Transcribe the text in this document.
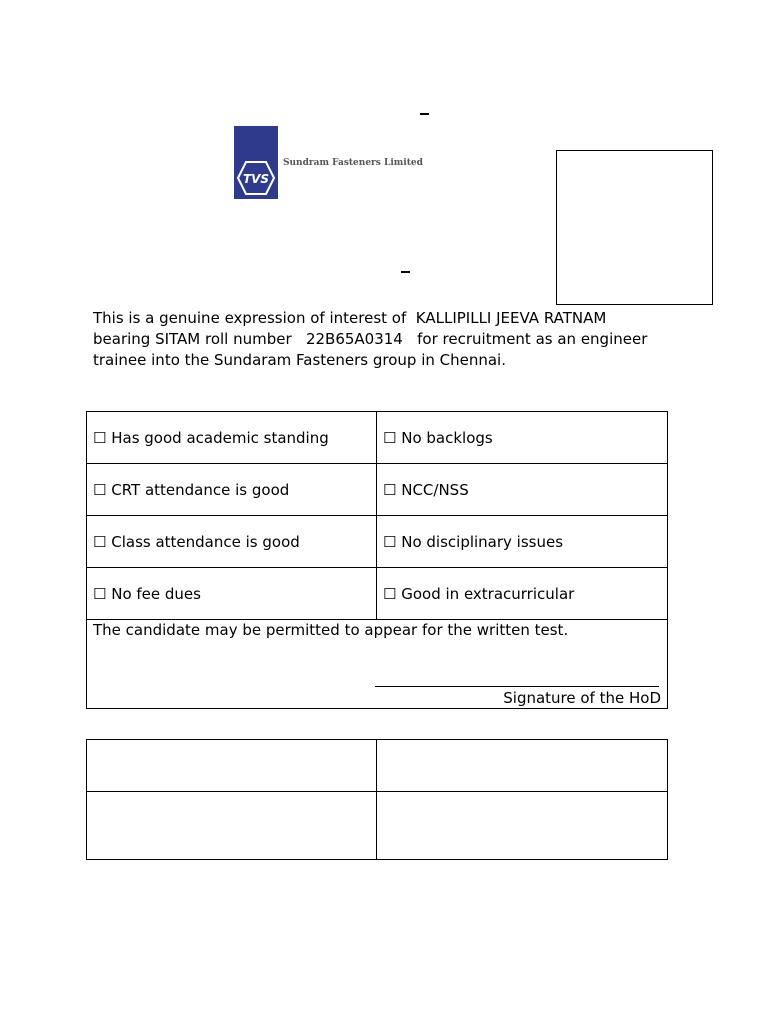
TVS
Sundram Fasteners Limited
This is a genuine expression of interest of  KALLIPILLI JEEVA RATNAM
bearing SITAM roll number   22B65A0314   for recruitment as an engineer
trainee into the Sundaram Fasteners group in Chennai.
☐ Has good academic standing	☐ No backlogs
☐ CRT attendance is good	☐ NCC/NSS
☐ Class attendance is good	☐ No disciplinary issues
☐ No fee dues	☐ Good in extracurricular

The candidate may be permitted to appear for the written test.
Signature of the HoD	
